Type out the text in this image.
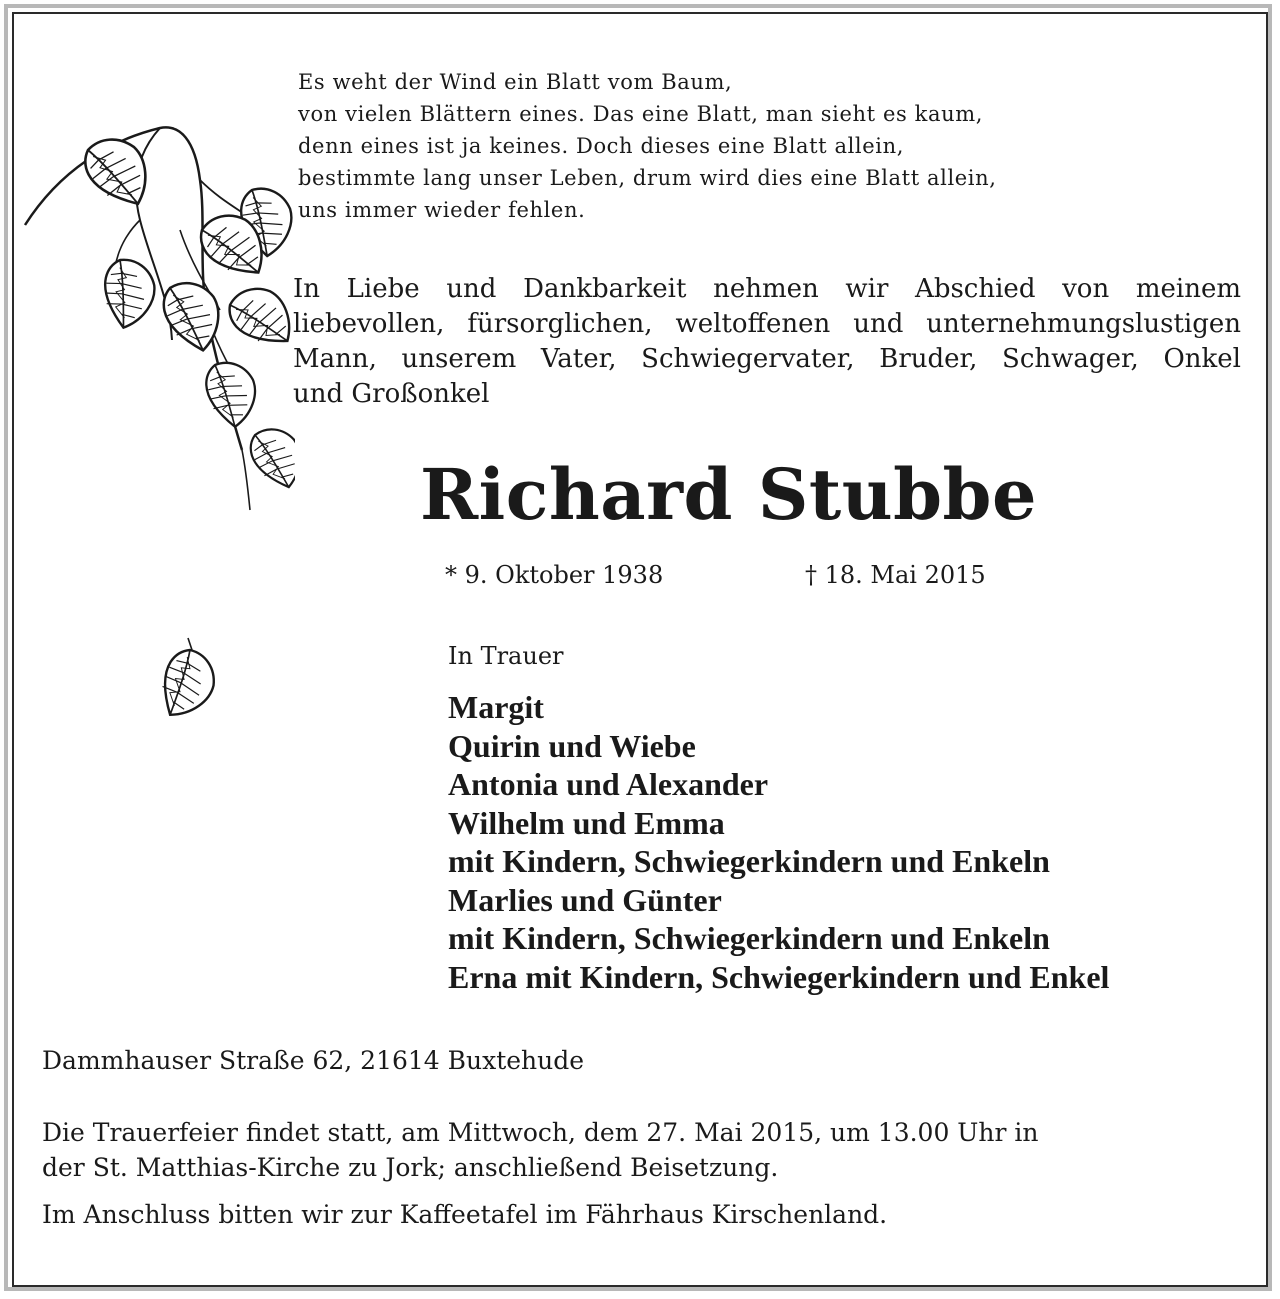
Es weht der Wind ein Blatt vom Baum,
von vielen Blättern eines. Das eine Blatt, man sieht es kaum,
denn eines ist ja keines. Doch dieses eine Blatt allein,
bestimmte lang unser Leben, drum wird dies eine Blatt allein,
uns immer wieder fehlen.
In Liebe und Dankbarkeit nehmen wir Abschied von meinem
liebevollen, fürsorglichen, weltoffenen und unternehmungslustigen
Mann, unserem Vater, Schwiegervater, Bruder, Schwager, Onkel
und Großonkel
Richard Stubbe
* 9. Oktober 1938	† 18. Mai 2015
In Trauer
Margit
Quirin und Wiebe
Antonia und Alexander
Wilhelm und Emma
mit Kindern, Schwiegerkindern und Enkeln
Marlies und Günter
mit Kindern, Schwiegerkindern und Enkeln
Erna mit Kindern, Schwiegerkindern und Enkel
Dammhauser Straße 62, 21614 Buxtehude
Die Trauerfeier findet statt, am Mittwoch, dem 27. Mai 2015, um 13.00 Uhr in
der St. Matthias-Kirche zu Jork; anschließend Beisetzung.
Im Anschluss bitten wir zur Kaffeetafel im Fährhaus Kirschenland.
